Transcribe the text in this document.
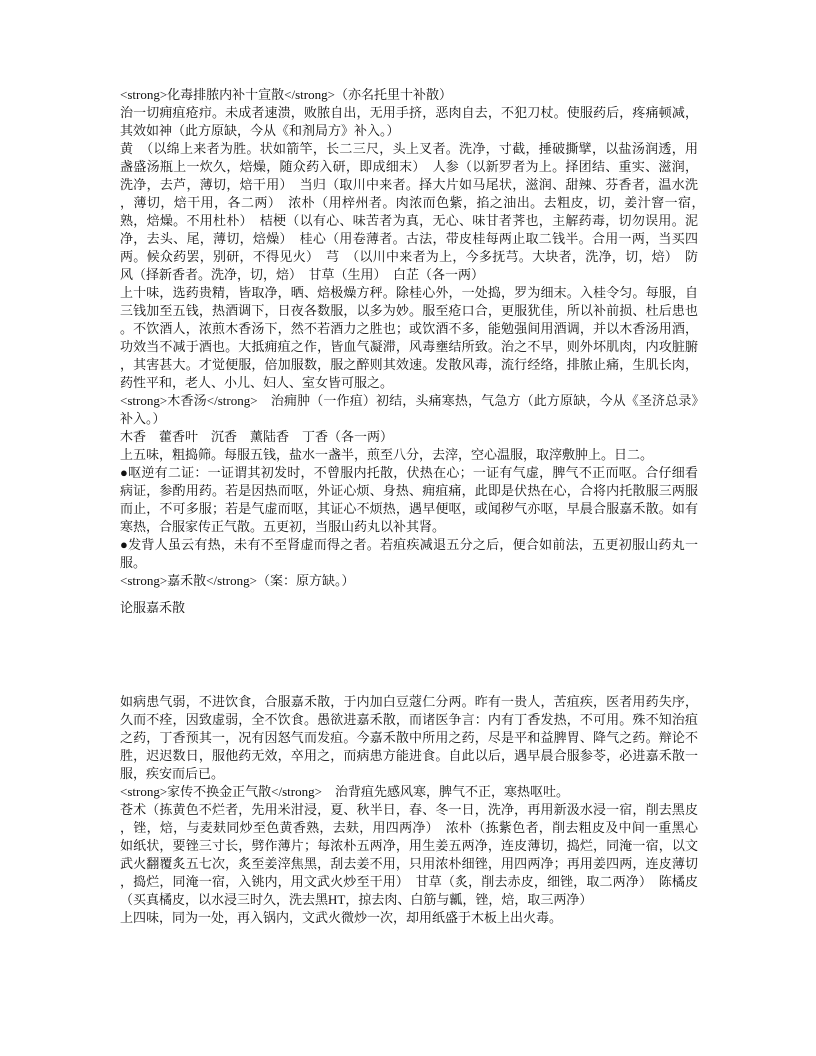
<strong>化毒排脓内补十宣散</strong>（亦名托里十补散）

治一切痈疽疮疖。未成者速溃，败脓自出，无用手挤，恶肉自去，不犯刀杖。使服药后，疼痛顿减，其效如神（此方原缺，今从《和剂局方》补入。）

黄　（以绵上来者为胜。状如箭竿，长二三尺，头上叉者。洗净，寸截，捶破撕擘，以盐汤润透，用盏盛汤瓶上一炊久，焙燥，随众药入研，即成细末）　人参（以新罗者为上。择团结、重实、滋润，洗净，去芦，薄切，焙干用）　当归（取川中来者。择大片如马尾状，滋润、甜辣、芬香者，温水洗，薄切，焙干用，各二两）　浓朴（用梓州者。肉浓而色紫，掐之油出。去粗皮，切，姜汁窨一宿，　熟，焙燥。不用杜朴）　桔梗（以有心、味苦者为真，无心、味甘者荠也，主解药毒，切勿误用。泥净，去头、尾，薄切，焙燥）　桂心（用卷薄者。古法，带皮桂每两止取二钱半。合用一两，当买四两。候众药罢，别研，不得见火）　芎　（以川中来者为上，今多抚芎。大块者，洗净，切，焙）　防风（择新香者。洗净，切，焙）　甘草（生用）　白芷（各一两）

上十味，选药贵精，皆取净，晒、焙极燥方秤。除桂心外，一处捣，罗为细末。入桂令匀。每服，自三钱加至五钱，热酒调下，日夜各数服，以多为妙。服至疮口合，更服犹佳，所以补前损、杜后患也。不饮酒人，浓煎木香汤下，然不若酒力之胜也；或饮酒不多，能勉强间用酒调，并以木香汤用酒，功效当不减于酒也。大抵痈疽之作，皆血气凝滞，风毒壅结所致。治之不早，则外坏肌肉，内攻脏腑，其害甚大。才觉便服，倍加服数，服之醉则其效速。发散风毒，流行经络，排脓止痛，生肌长肉，药性平和，老人、小儿、妇人、室女皆可服之。

<strong>木香汤</strong>　治痈肿（一作疽）初结，头痛寒热，气急方（此方原缺，今从《圣济总录》补入。）

木香　藿香叶　沉香　薰陆香　丁香（各一两）

上五味，粗捣筛。每服五钱，盐水一盏半，煎至八分，去滓，空心温服，取滓敷肿上。日二。

●呕逆有二证：一证谓其初发时，不曾服内托散，伏热在心；一证有气虚，脾气不正而呕。合仔细看病证，参酌用药。若是因热而呕，外证心烦、身热、痈疽痛，此即是伏热在心，合将内托散服三两服而止，不可多服；若是气虚而呕，其证心不烦热，遇早便呕，或闻秽气亦呕，早晨合服嘉禾散。如有寒热，合服家传正气散。五更初，当服山药丸以补其肾。

●发背人虽云有热，未有不至肾虚而得之者。若疽疾减退五分之后，便合如前法，五更初服山药丸一服。

<strong>嘉禾散</strong>（案：原方缺。）

论服嘉禾散

如病患气弱，不进饮食，合服嘉禾散，于内加白豆蔻仁分两。昨有一贵人，苦疽疾，医者用药失序，久而不痊，因致虚弱，全不饮食。愚欲进嘉禾散，而诸医争言：内有丁香发热，不可用。殊不知治疽之药，丁香预其一，况有因怒气而发疽。今嘉禾散中所用之药，尽是平和益脾胃、降气之药。辩论不胜，迟迟数日，服他药无效，卒用之，而病患方能进食。自此以后，遇早晨合服参苓，必进嘉禾散一服，疾安而后已。

<strong>家传不换金正气散</strong>　治背疽先感风寒，脾气不正，寒热呕吐。

苍术（拣黄色不烂者，先用米泔浸，夏、秋半日，春、冬一日，洗净，再用新汲水浸一宿，削去黑皮，锉，焙，与麦麸同炒至色黄香熟，去麸，用四两净）　浓朴（拣紫色者，削去粗皮及中间一重黑心如纸状，要锉三寸长，劈作薄片；每浓朴五两净，用生姜五两净，连皮薄切，捣烂，同淹一宿，以文武火翻覆炙五七次，炙至姜滓焦黑，刮去姜不用，只用浓朴细锉，用四两净；再用姜四两，连皮薄切，捣烂，同淹一宿，入铫内，用文武火炒至干用）　甘草（炙，削去赤皮，细锉，取二两净）　陈橘皮（买真橘皮，以水浸三时久，洗去黑HT，掠去肉、白筋与瓤，锉，焙，取三两净）

上四味，同为一处，再入锅内，文武火微炒一次，却用纸盛于木板上出火毒。
